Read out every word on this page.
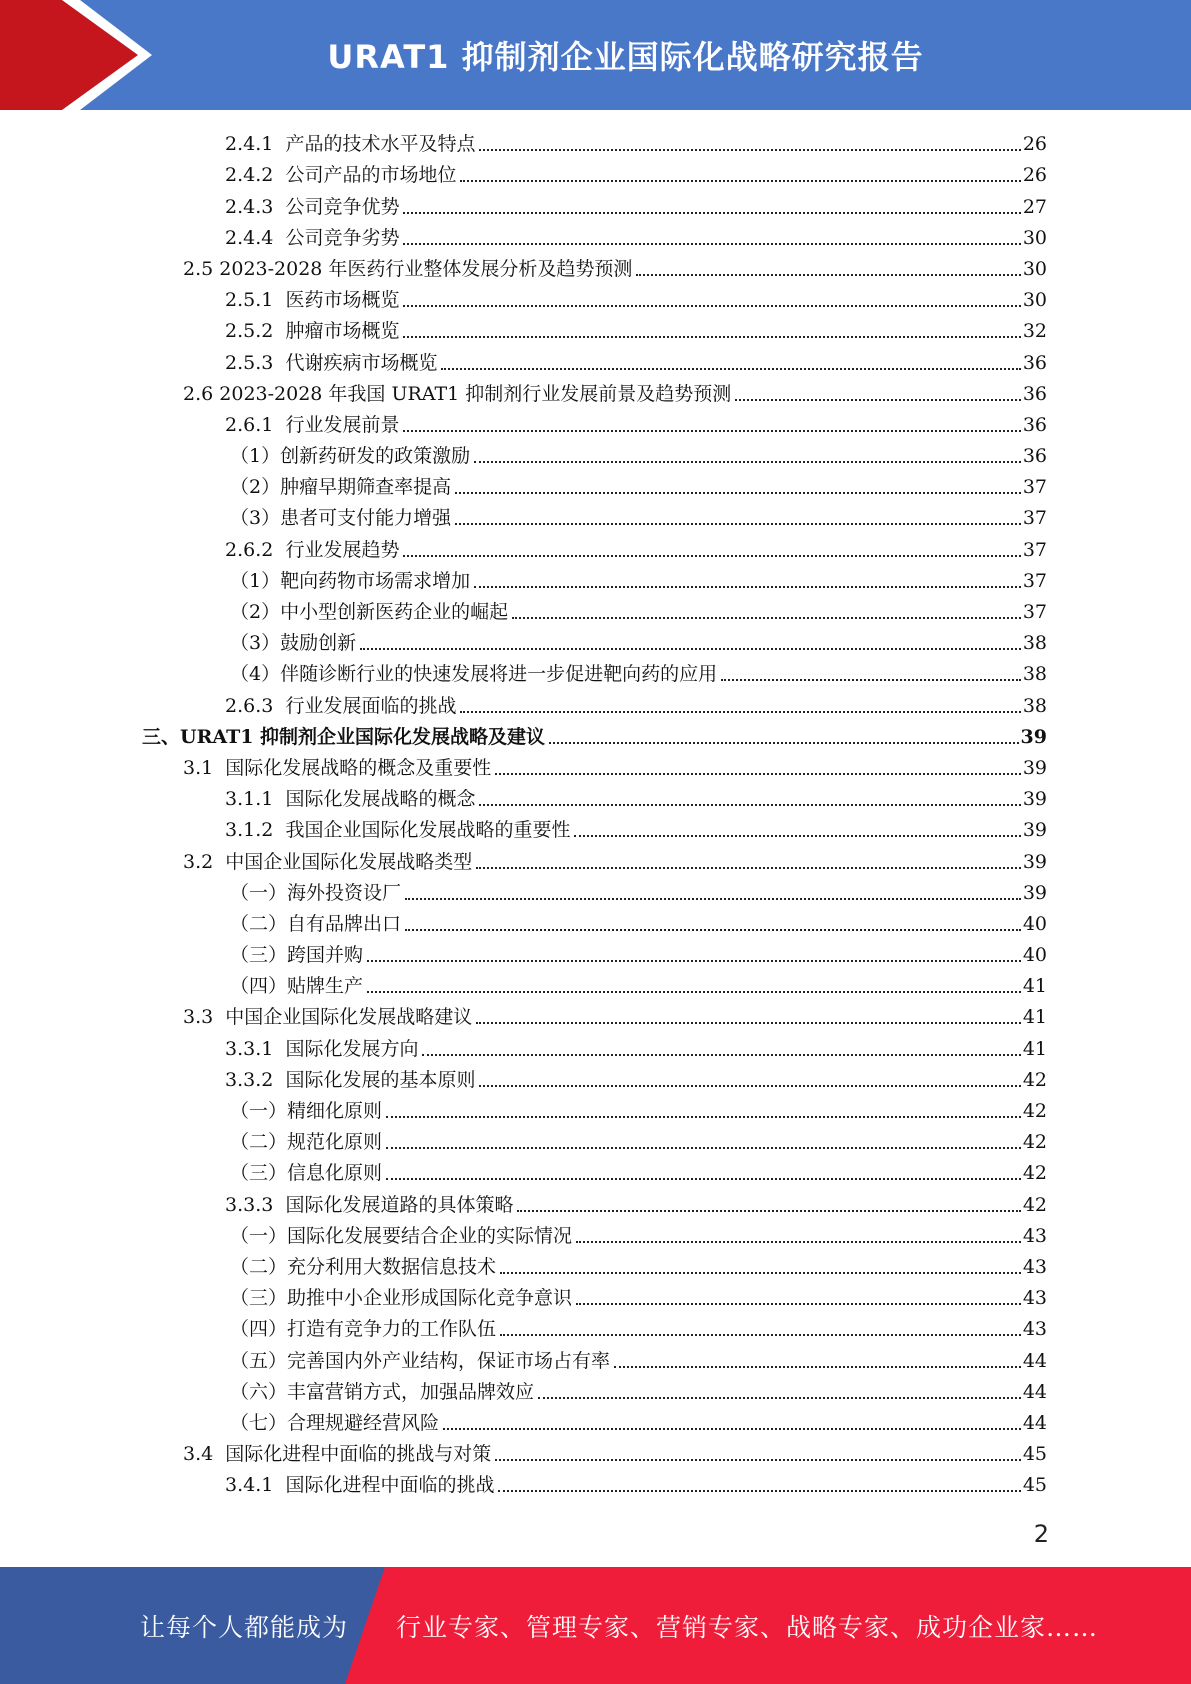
URAT1 抑制剂企业国际化战略研究报告
2.4.1 产品的技术水平及特点	26
2.4.2 公司产品的市场地位	26
2.4.3 公司竞争优势	27
2.4.4 公司竞争劣势	30
2.5 2023-2028 年医药行业整体发展分析及趋势预测	30
2.5.1 医药市场概览	30
2.5.2 肿瘤市场概览	32
2.5.3 代谢疾病市场概览	36
2.6 2023-2028 年我国 URAT1 抑制剂行业发展前景及趋势预测	36
2.6.1 行业发展前景	36
（1） 创新药研发的政策激励	36
（2） 肿瘤早期筛查率提高	37
（3） 患者可支付能力增强	37
2.6.2 行业发展趋势	37
（1） 靶向药物市场需求增加	37
（2） 中小型创新医药企业的崛起	37
（3） 鼓励创新	38
（4） 伴随诊断行业的快速发展将进一步促进靶向药的应用	38
2.6.3 行业发展面临的挑战	38
三、 URAT1 抑制剂企业国际化发展战略及建议	39
3.1 国际化发展战略的概念及重要性	39
3.1.1 国际化发展战略的概念	39
3.1.2 我国企业国际化发展战略的重要性	39
3.2 中国企业国际化发展战略类型	39
（一） 海外投资设厂	39
（二） 自有品牌出口	40
（三） 跨国并购	40
（四） 贴牌生产	41
3.3 中国企业国际化发展战略建议	41
3.3.1 国际化发展方向	41
3.3.2 国际化发展的基本原则	42
（一） 精细化原则	42
（二） 规范化原则	42
（三） 信息化原则	42
3.3.3 国际化发展道路的具体策略	42
（一） 国际化发展要结合企业的实际情况	43
（二） 充分利用大数据信息技术	43
（三） 助推中小企业形成国际化竞争意识	43
（四） 打造有竞争力的工作队伍	43
（五） 完善国内外产业结构，保证市场占有率	44
（六） 丰富营销方式，加强品牌效应	44
（七） 合理规避经营风险	44
3.4 国际化进程中面临的挑战与对策	45
3.4.1 国际化进程中面临的挑战	45
2
让每个人都能成为 行业专家、管理专家、营销专家、战略专家、成功企业家……
